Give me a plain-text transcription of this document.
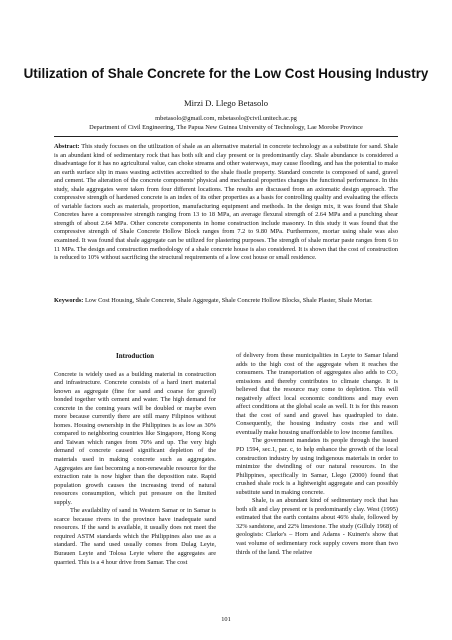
Utilization of Shale Concrete for the Low Cost Housing Industry

Mirzi D. Llego Betasolo

mbetasolo@gmail.com, mbetasolo@civil.unitech.ac.pg

Department of Civil Engineering, The Papua New Guinea University of Technology, Lae Morobe Province

Abstract: This study focuses on the utilization of shale as an alternative material in concrete technology as a substitute for sand. Shale is an abundant kind of sedimentary rock that has both silt and clay present or is predominantly clay. Shale abundance is considered a disadvantage for it has no agricultural value, can choke streams and other waterways, may cause flooding, and has the potential to make an earth surface slip in mass wasting activities accredited to the shale fissile property. Standard concrete is composed of sand, gravel and cement. The alteration of the concrete components' physical and mechanical properties changes the functional performance. In this study, shale aggregates were taken from four different locations. The results are discussed from an axiomatic design approach. The compressive strength of hardened concrete is an index of its other properties as a basis for controlling quality and evaluating the effects of variable factors such as materials, proportion, manufacturing equipment and methods. In the design mix, it was found that Shale Concretes have a compressive strength ranging from 13 to 18 MPa, an average flexural strength of 2.64 MPa and a punching shear strength of about 2.64 MPa. Other concrete components in home construction include masonry. In this study it was found that the compressive strength of Shale Concrete Hollow Block ranges from 7.2 to 9.80 MPa. Furthermore, mortar using shale was also examined. It was found that shale aggregate can be utilized for plastering purposes. The strength of shale mortar paste ranges from 6 to 11 MPa. The design and construction methodology of a shale concrete house is also considered. It is shown that the cost of construction is reduced to 10% without sacrificing the structural requirements of a low cost house or small residence.

Keywords: Low Cost Housing, Shale Concrete, Shale Aggregate, Shale Concrete Hollow Blocks, Shale Plaster, Shale Mortar.

Introduction

Concrete is widely used as a building material in construction and infrastructure. Concrete consists of a hard inert material known as aggregate (fine for sand and coarse for gravel) bonded together with cement and water. The high demand for concrete in the coming years will be doubled or maybe even more because currently there are still many Filipinos without homes. Housing ownership in the Philippines is as low as 30% compared to neighboring countries like Singapore, Hong Kong and Taiwan which ranges from 70% and up. The very high demand of concrete caused significant depletion of the materials used in making concrete such as aggregates. Aggregates are fast becoming a non-renewable resource for the extraction rate is now higher than the deposition rate. Rapid population growth causes the increasing trend of natural resources consumption, which put pressure on the limited supply.

The availability of sand in Western Samar or in Samar is scarce because rivers in the province have inadequate sand resources. If the sand is available, it usually does not meet the required ASTM standards which the Philippines also use as a standard. The sand used usually comes from Dulag Leyte, Burauen Leyte and Tolosa Leyte where the aggregates are quarried. This is a 4 hour drive from Samar. The cost

of delivery from these municipalities in Leyte to Samar Island adds to the high cost of the aggregate when it reaches the consumers. The transportation of aggregates also adds to CO₂ emissions and thereby contributes to climate change. It is believed that the resource may come to depletion. This will negatively affect local economic conditions and may even affect conditions at the global scale as well. It is for this reason that the cost of sand and gravel has quadrupled to date. Consequently, the housing industry costs rise and will eventually make housing unaffordable to low income families.

The government mandates its people through the issued PD 1594, sec.1, par. c, to help enhance the growth of the local construction industry by using indigenous materials in order to minimize the dwindling of our natural resources. In the Philippines, specifically in Samar, Llego (2000) found that crushed shale rock is a lightweight aggregate and can possibly substitute sand in making concrete.

Shale, is an abundant kind of sedimentary rock that has both silt and clay present or is predominantly clay. West (1995) estimated that the earth contains about 46% shale, followed by 32% sandstone, and 22% limestone. The study (Gilluly 1968) of geologists: Clarke's – Horn and Adams - Kuinen's show that vast volume of sedimentary rock supply covers more than two thirds of the land. The relative

101
